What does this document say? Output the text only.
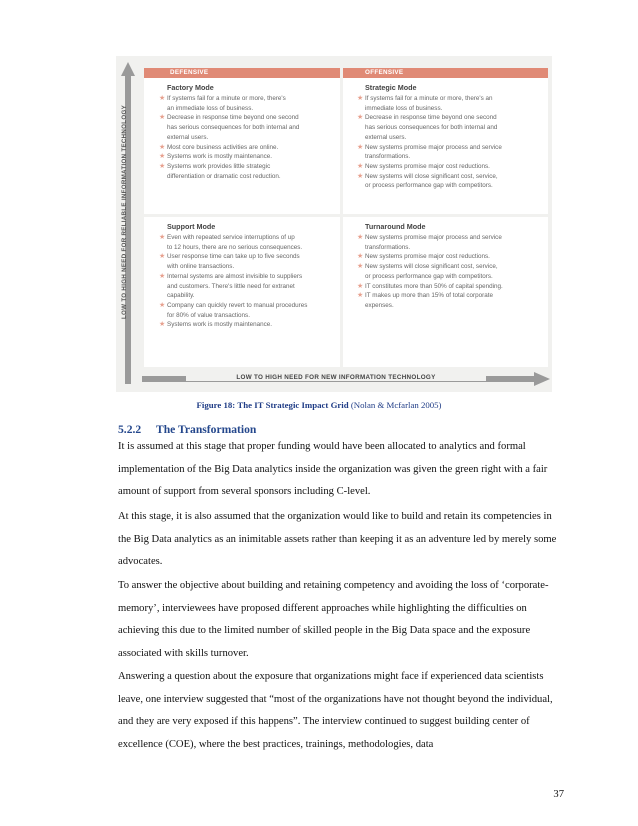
LOW TO HIGH NEED FOR RELIABLE INFORMATION TECHNOLOGY
LOW TO HIGH NEED FOR NEW INFORMATION TECHNOLOGY
DEFENSIVE	OFFENSIVE
Factory Mode
★ If systems fail for a minute or more, there's
an immediate loss of business.
★ Decrease in response time beyond one second
has serious consequences for both internal and
external users.
★ Most core business activities are online.
★ Systems work is mostly maintenance.
★ Systems work provides little strategic
differentiation or dramatic cost reduction.
Strategic Mode
★ If systems fail for a minute or more, there's an
immediate loss of business.
★ Decrease in response time beyond one second
has serious consequences for both internal and
external users.
★ New systems promise major process and service
transformations.
★ New systems promise major cost reductions.
★ New systems will close significant cost, service,
or process performance gap with competitors.
Support Mode
★ Even with repeated service interruptions of up
to 12 hours, there are no serious consequences.
★ User response time can take up to five seconds
with online transactions.
★ Internal systems are almost invisible to suppliers
and customers. There's little need for extranet
capability.
★ Company can quickly revert to manual procedures
for 80% of value transactions.
★ Systems work is mostly maintenance.
Turnaround Mode
★ New systems promise major process and service
transformations.
★ New systems promise major cost reductions.
★ New systems will close significant cost, service,
or process performance gap with competitors.
★ IT constitutes more than 50% of capital spending.
★ IT makes up more than 15% of total corporate
expenses.
Figure 18: The IT Strategic Impact Grid (Nolan & Mcfarlan 2005)
5.2.2 The Transformation

It is assumed at this stage that proper funding would have been allocated to analytics and formal implementation of the Big Data analytics inside the organization was given the green right with a fair amount of support from several sponsors including C-level.

At this stage, it is also assumed that the organization would like to build and retain its competencies in the Big Data analytics as an inimitable assets rather than keeping it as an adventure led by merely some advocates.

To answer the objective about building and retaining competency and avoiding the loss of ‘corporate-memory’, interviewees have proposed different approaches while highlighting the difficulties on achieving this due to the limited number of skilled people in the Big Data space and the exposure associated with skills turnover.

Answering a question about the exposure that organizations might face if experienced data scientists leave, one interview suggested that “most of the organizations have not thought beyond the individual, and they are very exposed if this happens”. The interview continued to suggest building center of excellence (COE), where the best practices, trainings, methodologies, data

37
